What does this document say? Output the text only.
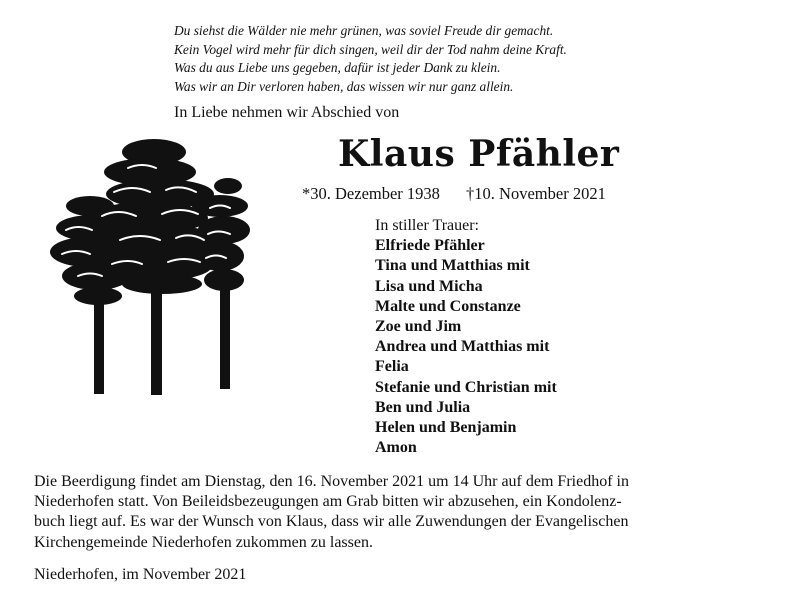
Du siehst die Wälder nie mehr grünen, was soviel Freude dir gemacht.
Kein Vogel wird mehr für dich singen, weil dir der Tod nahm deine Kraft.
Was du aus Liebe uns gegeben, dafür ist jeder Dank zu klein.
Was wir an Dir verloren haben, das wissen wir nur ganz allein.
In Liebe nehmen wir Abschied von
Klaus Pfähler
*30. Dezember 1938 †10. November 2021
In stiller Trauer:
Elfriede Pfähler
Tina und Matthias mit
Lisa und Micha
Malte und Constanze
Zoe und Jim
Andrea und Matthias mit
Felia
Stefanie und Christian mit
Ben und Julia
Helen und Benjamin
Amon
Die Beerdigung findet am Dienstag, den 16. November 2021 um 14 Uhr auf dem Friedhof in
Niederhofen statt. Von Beileidsbezeugungen am Grab bitten wir abzusehen, ein Kondolenz-
buch liegt auf. Es war der Wunsch von Klaus, dass wir alle Zuwendungen der Evangelischen
Kirchengemeinde Niederhofen zukommen zu lassen.
Niederhofen, im November 2021
